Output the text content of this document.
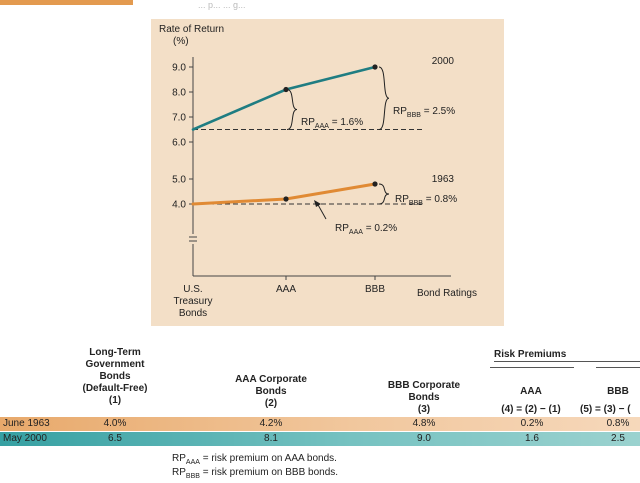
... p... ... g...
Rate of Return
(%)
6.0
7.0
8.0
9.0
4.0
5.0
U.S.
Treasury
Bonds
AAA	BBB	Bond Ratings
2000
1963
$RP_{AAA} = 1.6\%$
$RP_{BBB} = 2.5\%$
$RP_{BBB} = 0.8\%$
$RP_{AAA} = 0.2\%$
Long-Term
Government
Bonds
(Default-Free)
(1)
AAA Corporate
Bonds
(2)
BBB Corporate
Bonds
(3)
Risk Premiums
AAA
(4) = (2) − (1)
BBB
(5) = (3) − (
June 1963	4.0%	4.2%	4.8%	0.2%	0.8%
May 2000	6.5	8.1	9.0	1.6	2.5
$RP_{AAA}$ = risk premium on AAA bonds.
$RP_{BBB}$ = risk premium on BBB bonds.
